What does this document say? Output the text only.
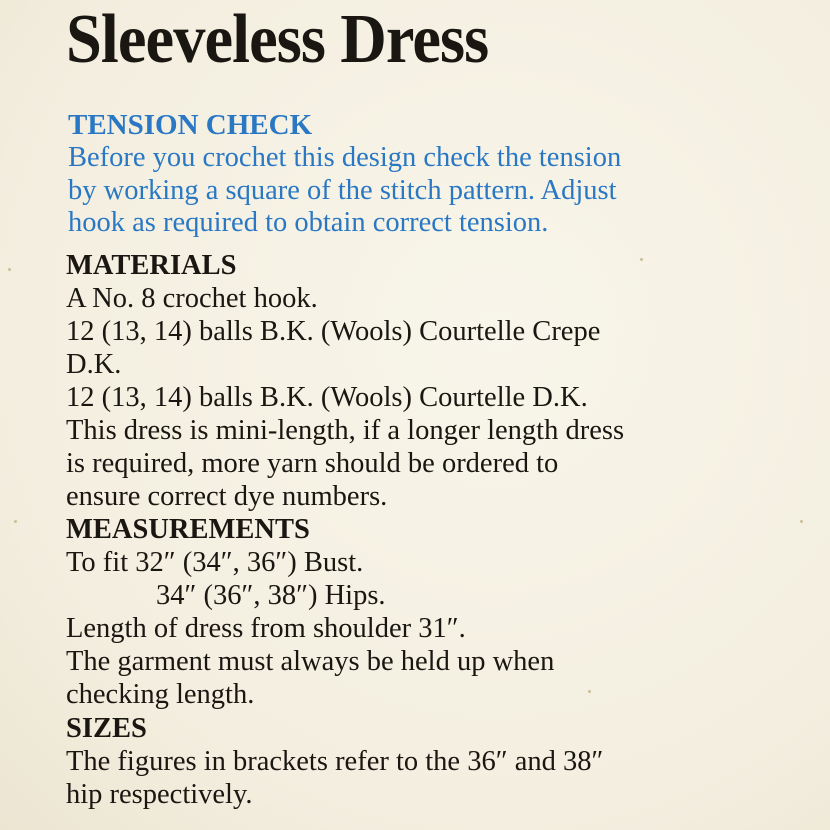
Sleeveless Dress
TENSION CHECK
Before you crochet this design check the tension
by working a square of the stitch pattern. Adjust
hook as required to obtain correct tension.
MATERIALS
A No. 8 crochet hook.
12 (13, 14) balls B.K. (Wools) Courtelle Crepe
D.K.
12 (13, 14) balls B.K. (Wools) Courtelle D.K.
This dress is mini-length, if a longer length dress
is required, more yarn should be ordered to
ensure correct dye numbers.
MEASUREMENTS
To fit 32″ (34″, 36″) Bust.
34″ (36″, 38″) Hips.
Length of dress from shoulder 31″.
The garment must always be held up when
checking length.
SIZES
The figures in brackets refer to the 36″ and 38″
hip respectively.
